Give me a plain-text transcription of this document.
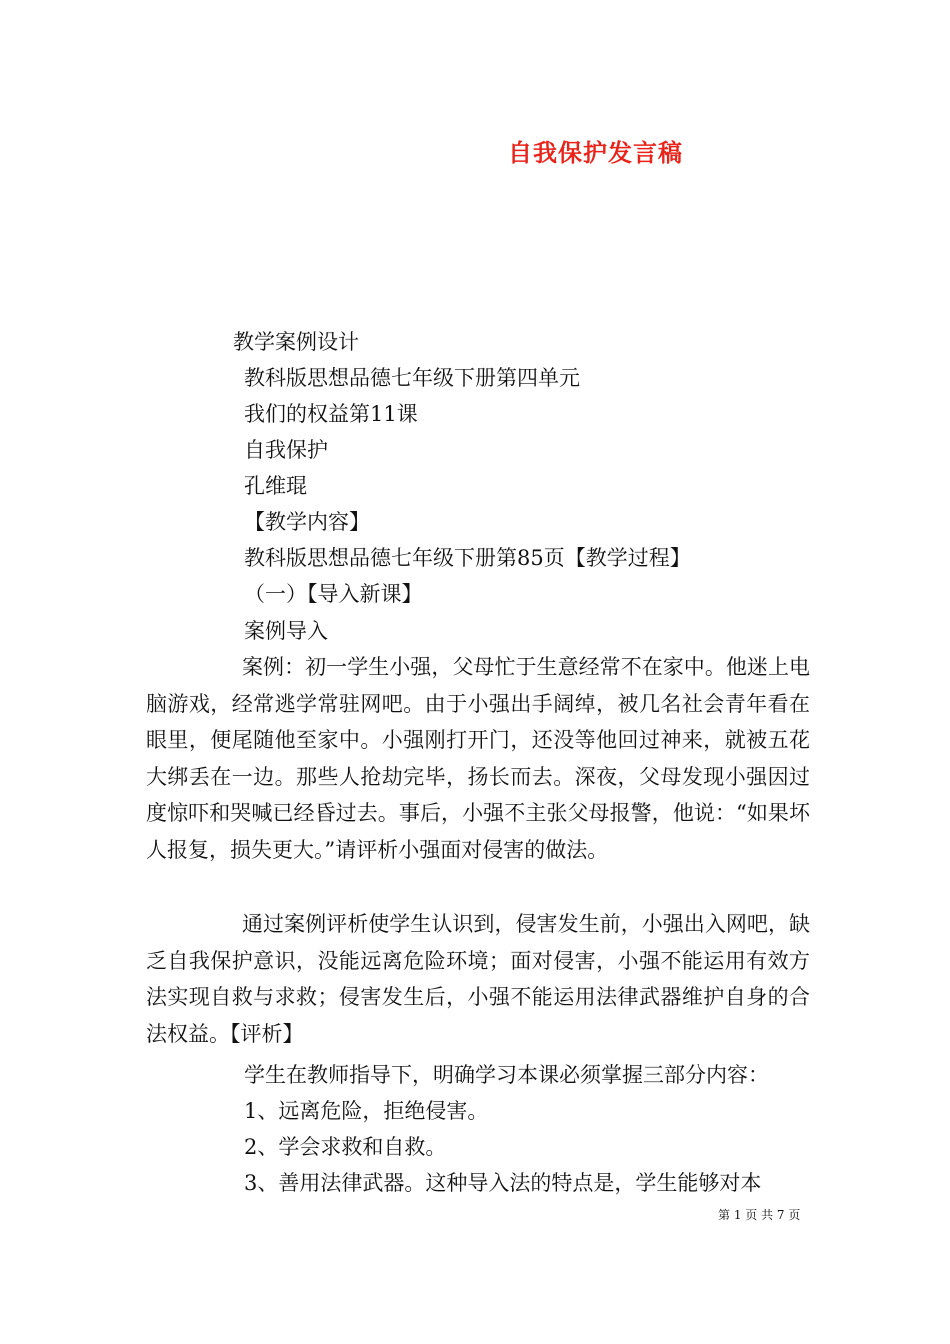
自我保护发言稿
教学案例设计
教科版思想品德七年级下册第四单元
我们的权益第11课
自我保护
孔维琨
【教学内容】
教科版思想品德七年级下册第85页【教学过程】
（一）【导入新课】
案例导入

案例：初一学生小强，父母忙于生意经常不在家中。他迷上电脑游戏，经常逃学常驻网吧。由于小强出手阔绰，被几名社会青年看在眼里，便尾随他至家中。小强刚打开门，还没等他回过神来，就被五花大绑丢在一边。那些人抢劫完毕，扬长而去。深夜，父母发现小强因过度惊吓和哭喊已经昏过去。事后，小强不主张父母报警，他说：“如果坏人报复，损失更大。”请评析小强面对侵害的做法。

通过案例评析使学生认识到，侵害发生前，小强出入网吧，缺乏自我保护意识，没能远离危险环境；面对侵害，小强不能运用有效方法实现自救与求救；侵害发生后，小强不能运用法律武器维护自身的合法权益。【评析】

学生在教师指导下，明确学习本课必须掌握三部分内容：
1、远离危险，拒绝侵害。
2、学会求救和自救。
3、善用法律武器。这种导入法的特点是，学生能够对本
第 1 页 共 7 页
